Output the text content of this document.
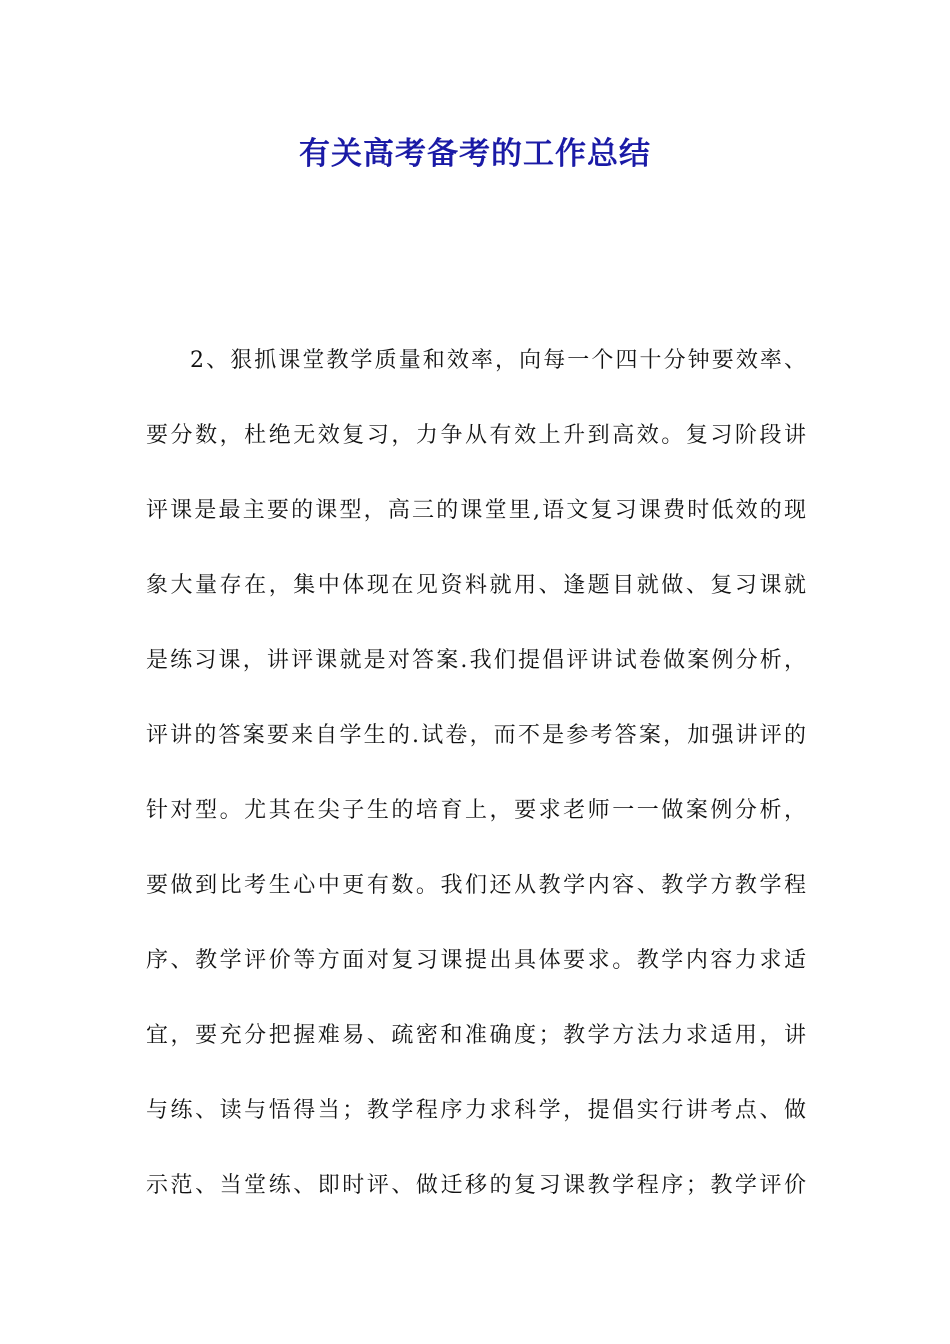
有关高考备考的工作总结
2、狠抓课堂教学质量和效率，向每一个四十分钟要效率、
要分数，杜绝无效复习，力争从有效上升到高效。复习阶段讲
评课是最主要的课型，高三的课堂里,语文复习课费时低效的现
象大量存在，集中体现在见资料就用、逢题目就做、复习课就
是练习课，讲评课就是对答案.我们提倡评讲试卷做案例分析，
评讲的答案要来自学生的.试卷，而不是参考答案，加强讲评的
针对型。尤其在尖子生的培育上，要求老师一一做案例分析，
要做到比考生心中更有数。我们还从教学内容、教学方教学程
序、教学评价等方面对复习课提出具体要求。教学内容力求适
宜，要充分把握难易、疏密和准确度；教学方法力求适用，讲
与练、读与悟得当；教学程序力求科学，提倡实行讲考点、做
示范、当堂练、即时评、做迁移的复习课教学程序；教学评价
